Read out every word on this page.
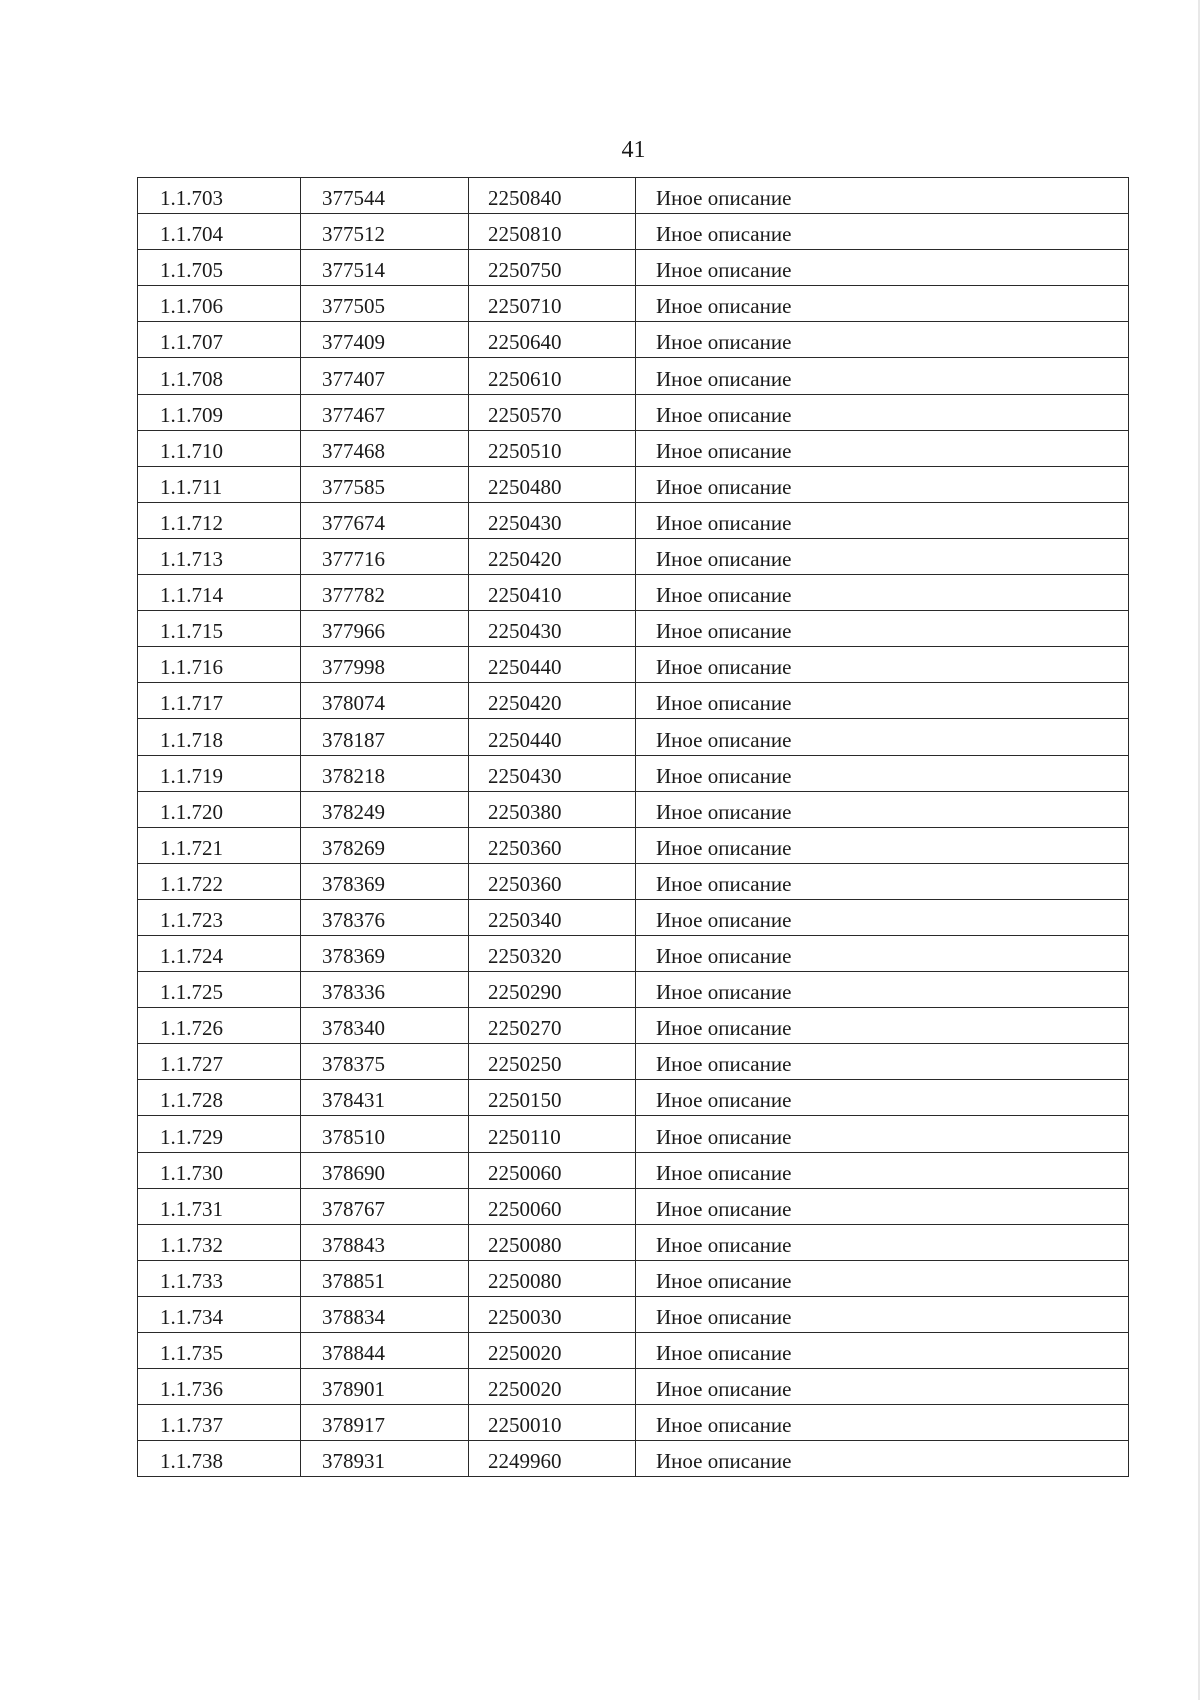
41
1.1.703	377544	2250840	Иное описание
1.1.704	377512	2250810	Иное описание
1.1.705	377514	2250750	Иное описание
1.1.706	377505	2250710	Иное описание
1.1.707	377409	2250640	Иное описание
1.1.708	377407	2250610	Иное описание
1.1.709	377467	2250570	Иное описание
1.1.710	377468	2250510	Иное описание
1.1.711	377585	2250480	Иное описание
1.1.712	377674	2250430	Иное описание
1.1.713	377716	2250420	Иное описание
1.1.714	377782	2250410	Иное описание
1.1.715	377966	2250430	Иное описание
1.1.716	377998	2250440	Иное описание
1.1.717	378074	2250420	Иное описание
1.1.718	378187	2250440	Иное описание
1.1.719	378218	2250430	Иное описание
1.1.720	378249	2250380	Иное описание
1.1.721	378269	2250360	Иное описание
1.1.722	378369	2250360	Иное описание
1.1.723	378376	2250340	Иное описание
1.1.724	378369	2250320	Иное описание
1.1.725	378336	2250290	Иное описание
1.1.726	378340	2250270	Иное описание
1.1.727	378375	2250250	Иное описание
1.1.728	378431	2250150	Иное описание
1.1.729	378510	2250110	Иное описание
1.1.730	378690	2250060	Иное описание
1.1.731	378767	2250060	Иное описание
1.1.732	378843	2250080	Иное описание
1.1.733	378851	2250080	Иное описание
1.1.734	378834	2250030	Иное описание
1.1.735	378844	2250020	Иное описание
1.1.736	378901	2250020	Иное описание
1.1.737	378917	2250010	Иное описание
1.1.738	378931	2249960	Иное описание
